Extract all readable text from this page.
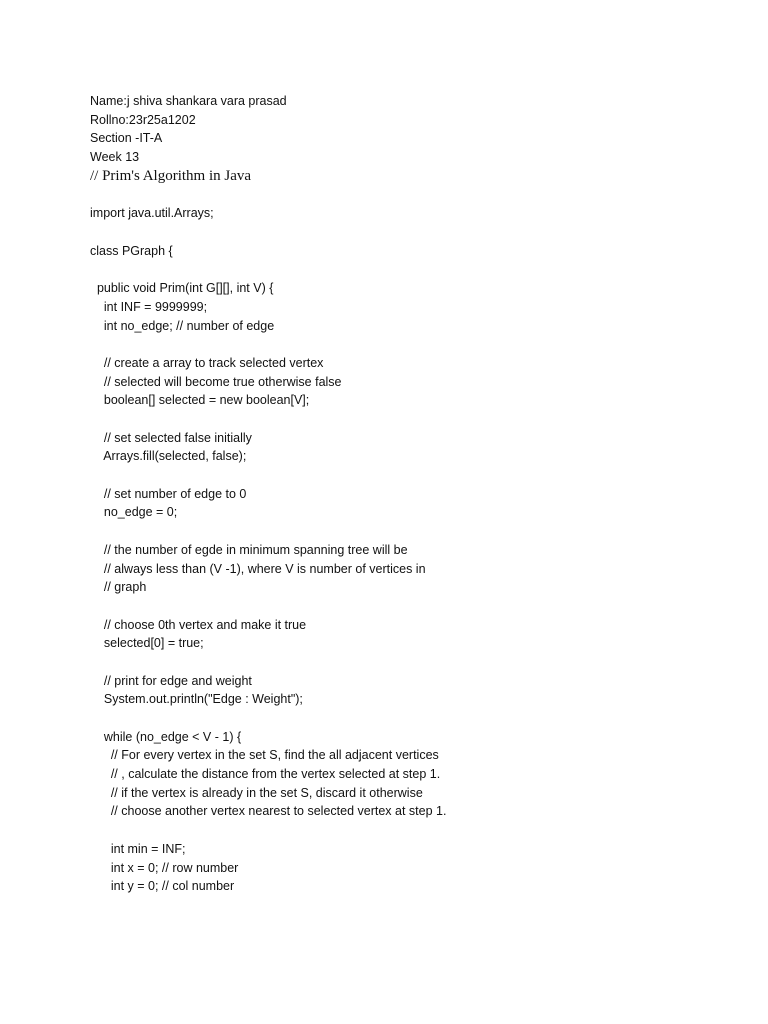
Name:j shiva shankara vara prasad
Rollno:23r25a1202
Section -IT-A
Week 13
// Prim's Algorithm in Java
import java.util.Arrays;
class PGraph {
public void Prim(int G[][], int V) {
int INF = 9999999;
int no_edge; // number of edge
// create a array to track selected vertex
// selected will become true otherwise false
boolean[] selected = new boolean[V];
// set selected false initially
Arrays.fill(selected, false);
// set number of edge to 0
no_edge = 0;
// the number of egde in minimum spanning tree will be
// always less than (V -1), where V is number of vertices in
// graph
// choose 0th vertex and make it true
selected[0] = true;
// print for edge and weight
System.out.println("Edge : Weight");
while (no_edge < V - 1) {
// For every vertex in the set S, find the all adjacent vertices
// , calculate the distance from the vertex selected at step 1.
// if the vertex is already in the set S, discard it otherwise
// choose another vertex nearest to selected vertex at step 1.
int min = INF;
int x = 0; // row number
int y = 0; // col number
